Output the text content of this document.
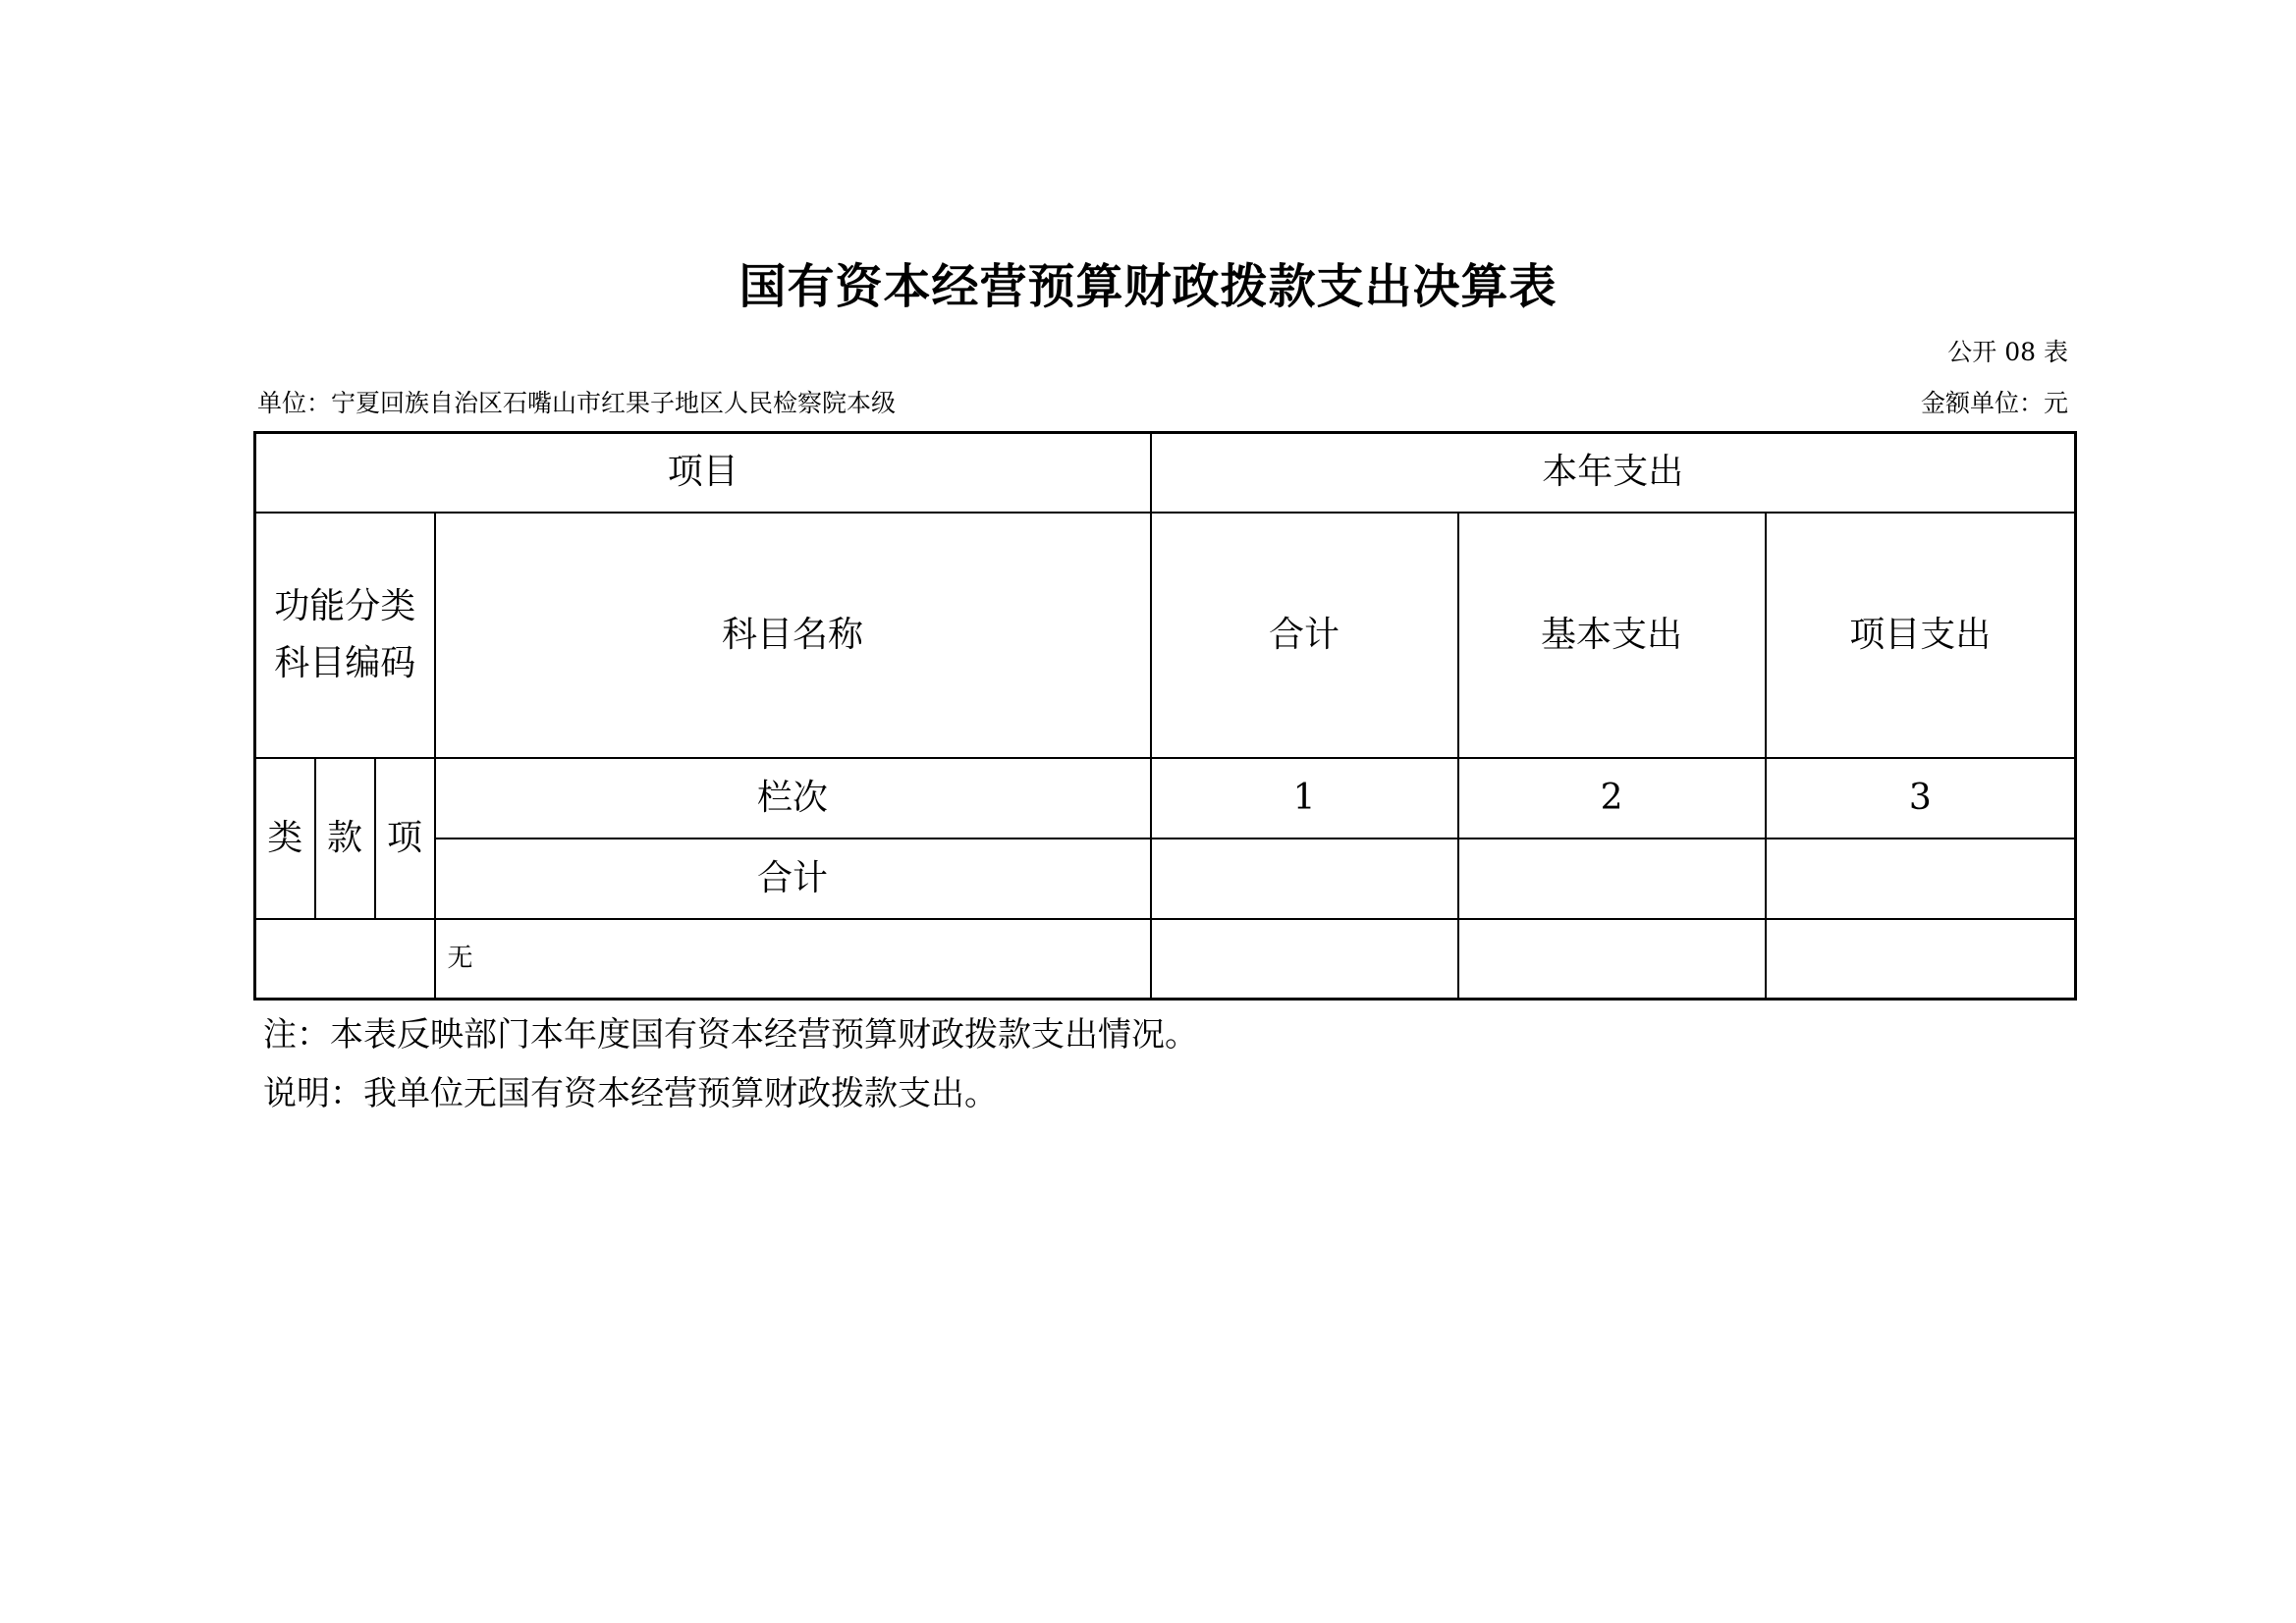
国有资本经营预算财政拨款支出决算表
公开 08 表
单位：宁夏回族自治区石嘴山市红果子地区人民检察院本级	金额单位：元
项目				本年支出		
功能分类
科目编码			科目名称	合计	基本支出	项目支出
类	款	项	栏次	1	2	3
			合计			
			无			
注：本表反映部门本年度国有资本经营预算财政拨款支出情况。
说明：我单位无国有资本经营预算财政拨款支出。
